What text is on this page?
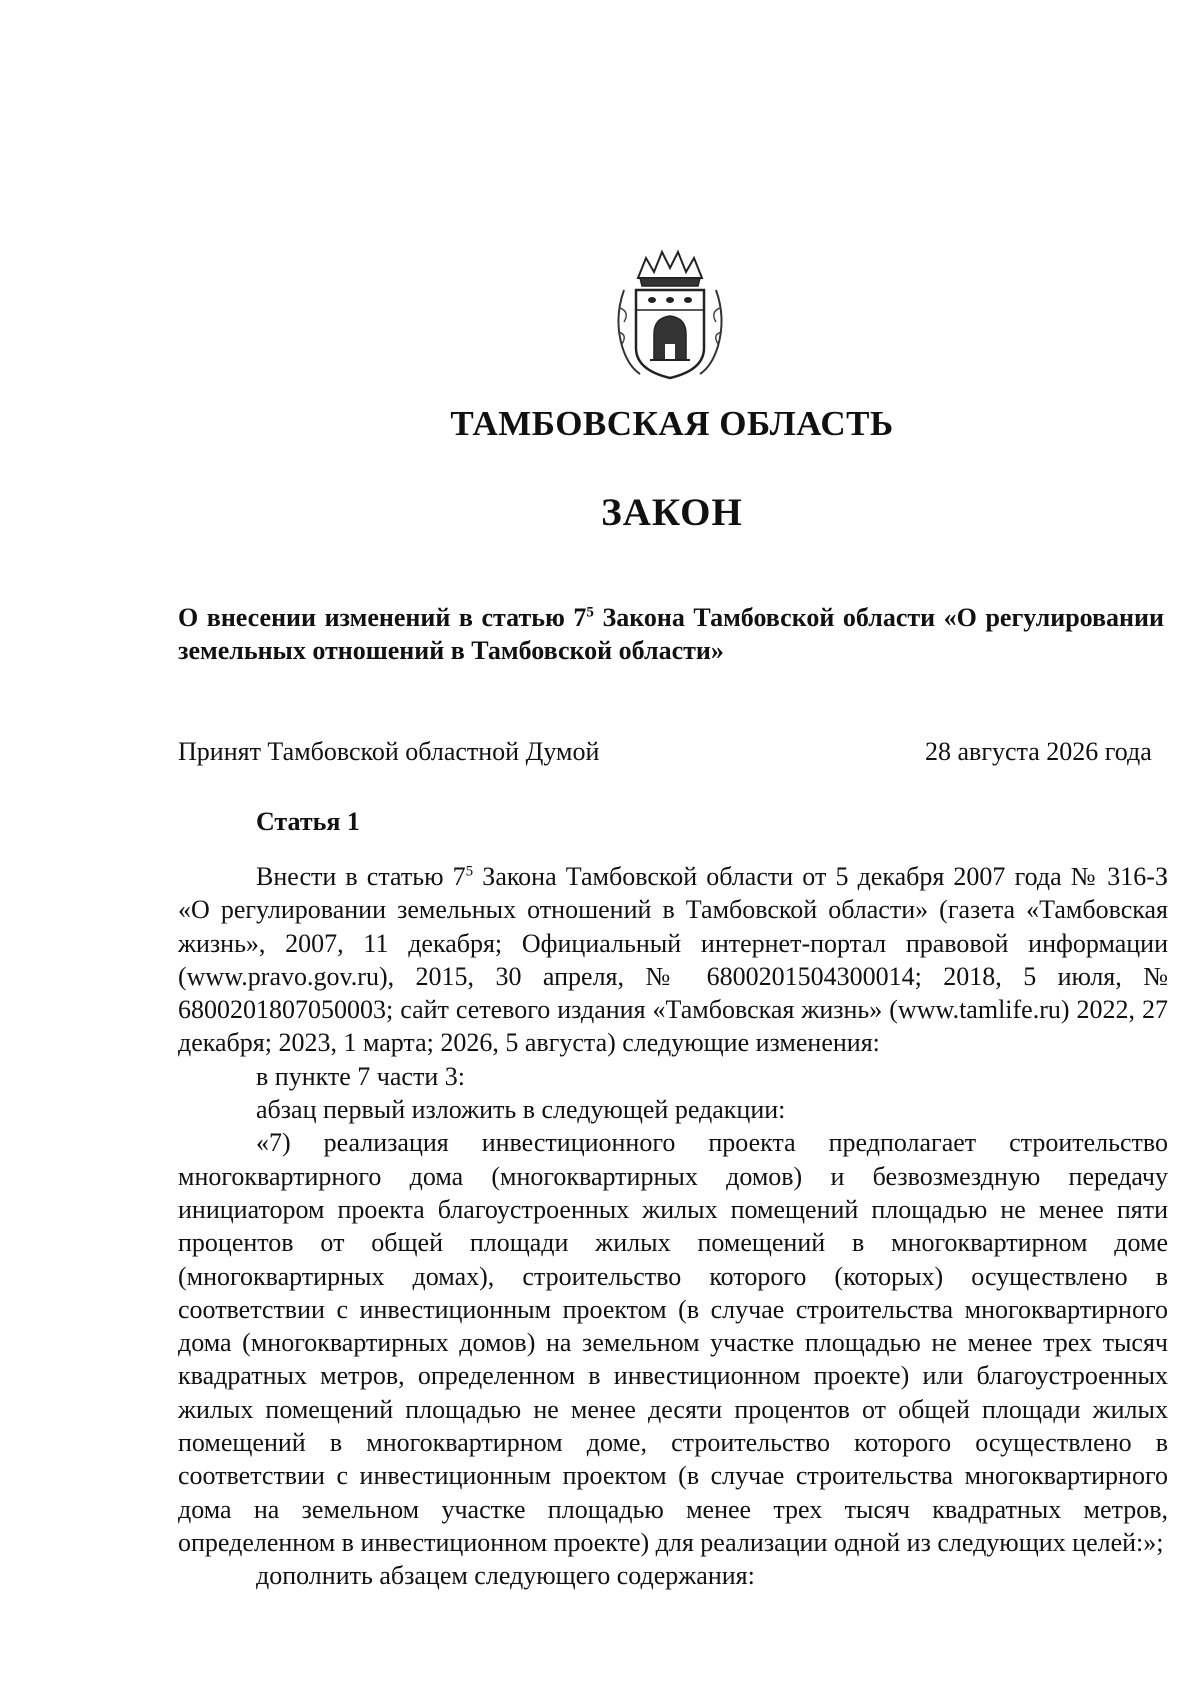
ТАМБОВСКАЯ ОБЛАСТЬ
ЗАКОН
О внесении изменений в статью $7^5$ Закона Тамбовской области «О регулировании земельных отношений в Тамбовской области»
Принят Тамбовской областной Думой	28 августа 2026 года
Статья 1

Внести в статью $7^5$ Закона Тамбовской области от 5 декабря 2007 года № 316-З «О регулировании земельных отношений в Тамбовской области» (газета «Тамбовская жизнь», 2007, 11 декабря; Официальный интернет-портал правовой информации (www.pravo.gov.ru), 2015, 30 апреля, № 6800201504300014; 2018, 5 июля, № 6800201807050003; сайт сетевого издания «Тамбовская жизнь» (www.tamlife.ru) 2022, 27 декабря; 2023, 1 марта; 2026, 5 августа) следующие изменения:

в пункте 7 части 3:

абзац первый изложить в следующей редакции:

«7) реализация инвестиционного проекта предполагает строительство многоквартирного дома (многоквартирных домов) и безвозмездную передачу инициатором проекта благоустроенных жилых помещений площадью не менее пяти процентов от общей площади жилых помещений в многоквартирном доме (многоквартирных домах), строительство которого (которых) осуществлено в соответствии с инвестиционным проектом (в случае строительства многоквартирного дома (многоквартирных домов) на земельном участке площадью не менее трех тысяч квадратных метров, определенном в инвестиционном проекте) или благоустроенных жилых помещений площадью не менее десяти процентов от общей площади жилых помещений в многоквартирном доме, строительство которого осуществлено в соответствии с инвестиционным проектом (в случае строительства многоквартирного дома на земельном участке площадью менее трех тысяч квадратных метров, определенном в инвестиционном проекте) для реализации одной из следующих целей:»;

дополнить абзацем следующего содержания:
